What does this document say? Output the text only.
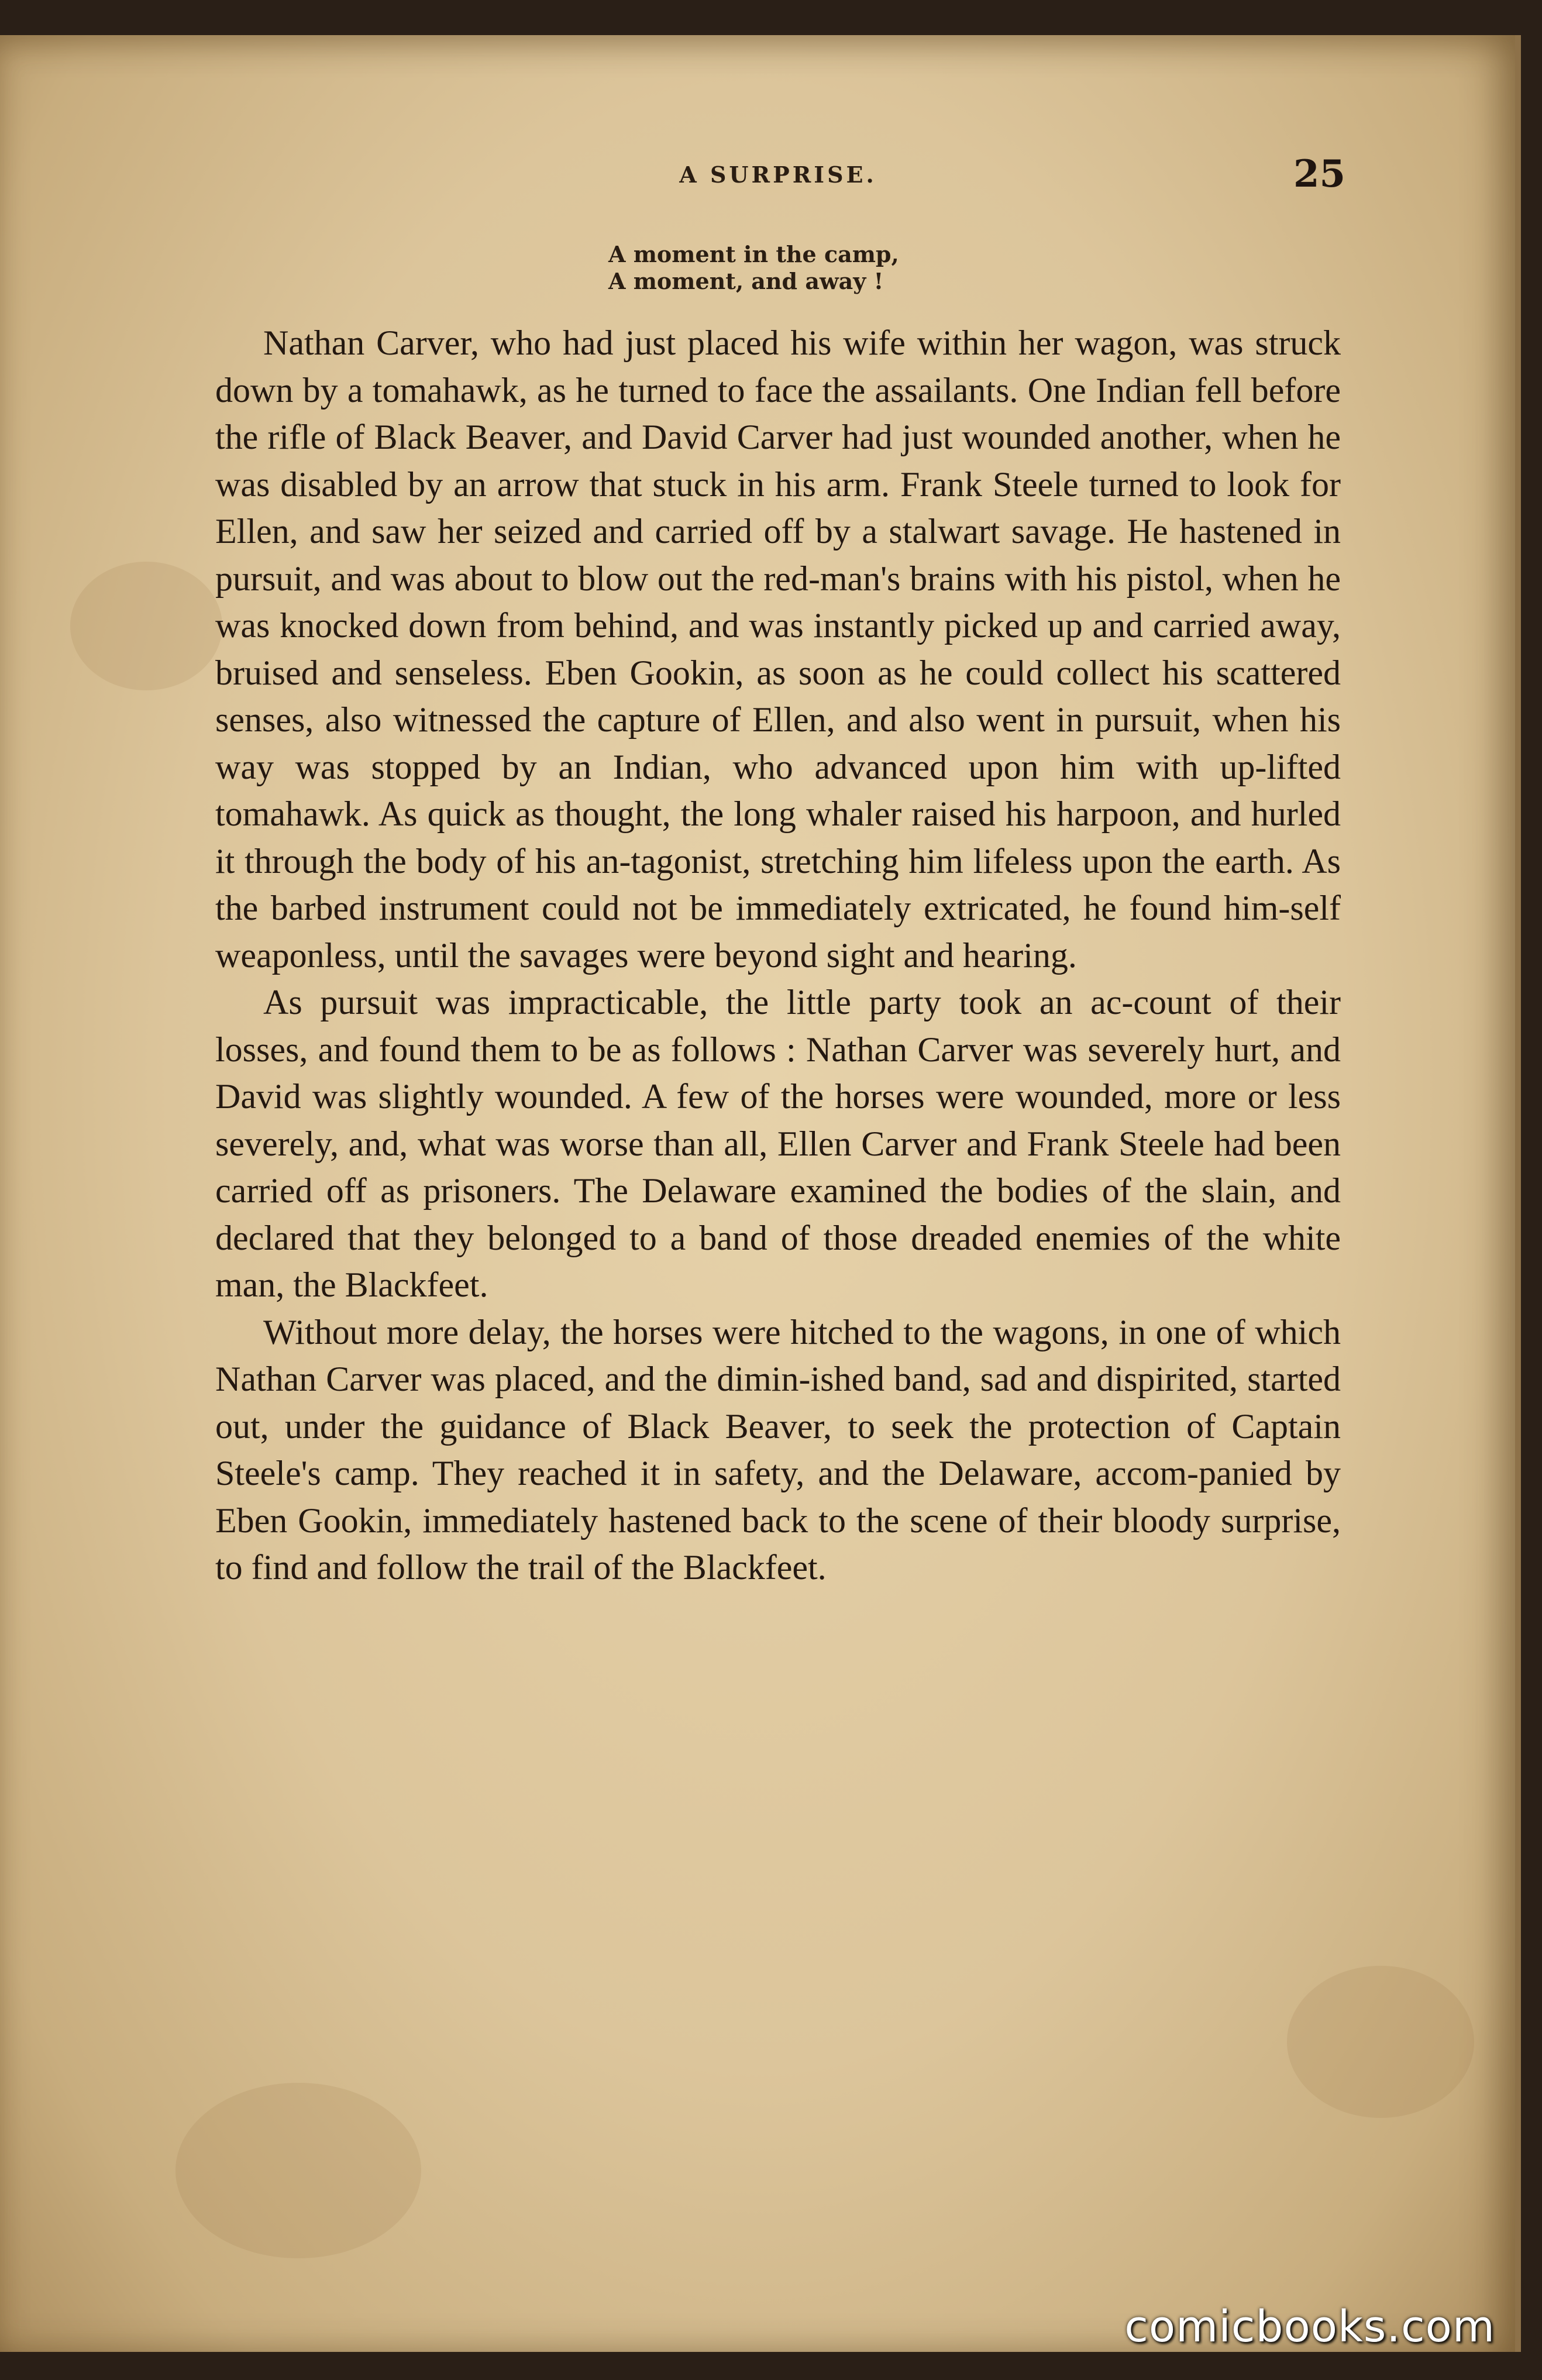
A SURPRISE.	25
A moment in the camp,
A moment, and away !

Nathan Carver, who had just placed his wife within her wagon, was struck down by a tomahawk, as he turned to face the assailants. One Indian fell before the rifle of Black Beaver, and David Carver had just wounded another, when he was disabled by an arrow that stuck in his arm. Frank Steele turned to look for Ellen, and saw her seized and carried off by a stalwart savage. He hastened in pursuit, and was about to blow out the red-man's brains with his pistol, when he was knocked down from behind, and was instantly picked up and carried away, bruised and senseless. Eben Gookin, as soon as he could collect his scattered senses, also witnessed the capture of Ellen, and also went in pursuit, when his way was stopped by an Indian, who advanced upon him with up-lifted tomahawk. As quick as thought, the long whaler raised his harpoon, and hurled it through the body of his an-tagonist, stretching him lifeless upon the earth. As the barbed instrument could not be immediately extricated, he found him-self weaponless, until the savages were beyond sight and hearing.

As pursuit was impracticable, the little party took an ac-count of their losses, and found them to be as follows : Nathan Carver was severely hurt, and David was slightly wounded. A few of the horses were wounded, more or less severely, and, what was worse than all, Ellen Carver and Frank Steele had been carried off as prisoners. The Delaware examined the bodies of the slain, and declared that they belonged to a band of those dreaded enemies of the white man, the Blackfeet.

Without more delay, the horses were hitched to the wagons, in one of which Nathan Carver was placed, and the dimin-ished band, sad and dispirited, started out, under the guidance of Black Beaver, to seek the protection of Captain Steele's camp. They reached it in safety, and the Delaware, accom-panied by Eben Gookin, immediately hastened back to the scene of their bloody surprise, to find and follow the trail of the Blackfeet.

comicbooks.com
